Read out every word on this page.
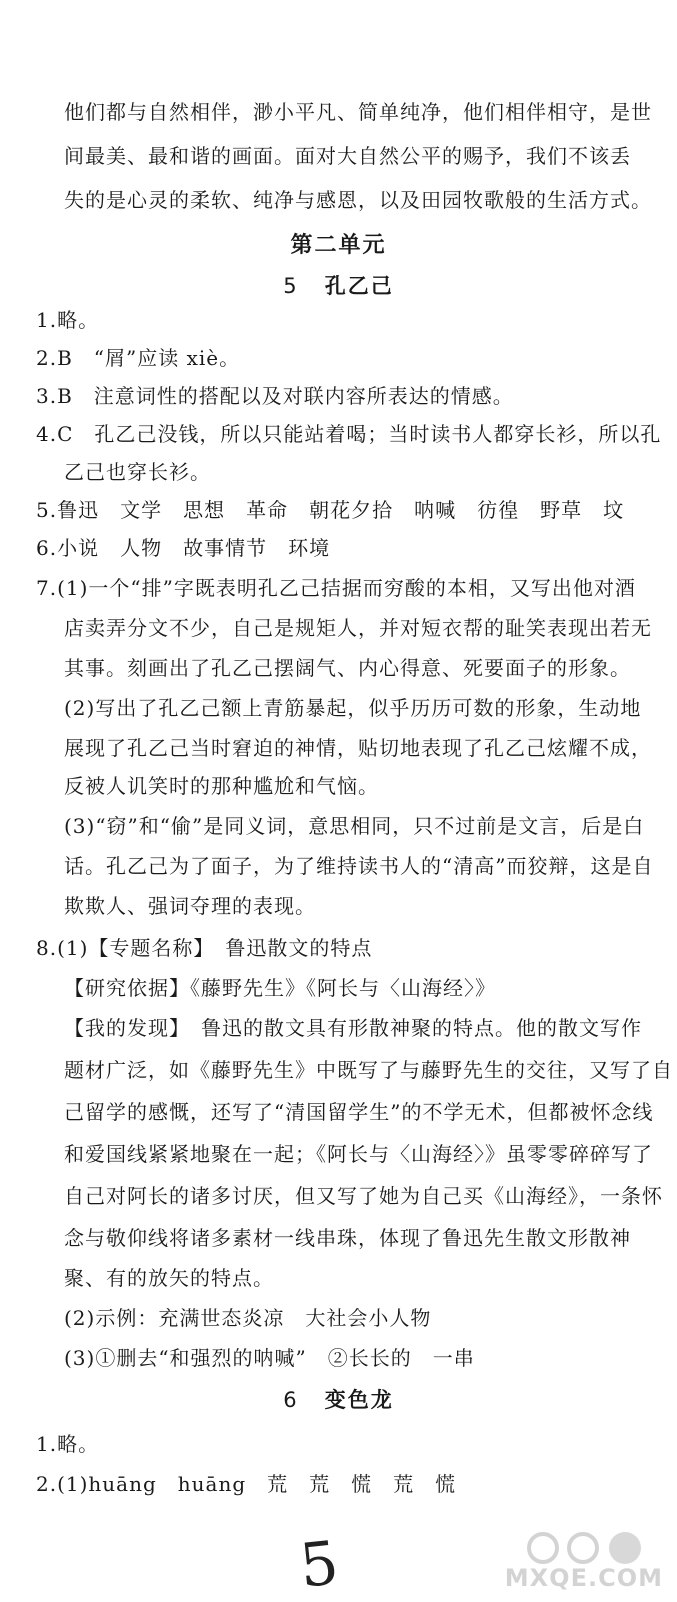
他们都与自然相伴，渺小平凡、简单纯净，他们相伴相守，是世
间最美、最和谐的画面。面对大自然公平的赐予，我们不该丢
失的是心灵的柔软、纯净与感恩，以及田园牧歌般的生活方式。
第二单元
5 孔乙己
1.略。
2.B　“屑”应读 xiè。
3.B　注意词性的搭配以及对联内容所表达的情感。
4.C　孔乙己没钱，所以只能站着喝；当时读书人都穿长衫，所以孔
乙己也穿长衫。
5.鲁迅　文学　思想　革命　朝花夕拾　呐喊　彷徨　野草　坟
6.小说　人物　故事情节　环境
7.(1)一个“排”字既表明孔乙己拮据而穷酸的本相，又写出他对酒
店卖弄分文不少，自己是规矩人，并对短衣帮的耻笑表现出若无
其事。刻画出了孔乙己摆阔气、内心得意、死要面子的形象。
(2)写出了孔乙己额上青筋暴起，似乎历历可数的形象，生动地
展现了孔乙己当时窘迫的神情，贴切地表现了孔乙己炫耀不成，
反被人讥笑时的那种尴尬和气恼。
(3)“窃”和“偷”是同义词，意思相同，只不过前是文言，后是白
话。孔乙己为了面子，为了维持读书人的“清高”而狡辩，这是自
欺欺人、强词夺理的表现。
8.(1)【专题名称】　鲁迅散文的特点
【研究依据】《藤野先生》《阿长与〈山海经〉》
【我的发现】　鲁迅的散文具有形散神聚的特点。他的散文写作
题材广泛，如《藤野先生》中既写了与藤野先生的交往，又写了自
己留学的感慨，还写了“清国留学生”的不学无术，但都被怀念线
和爱国线紧紧地聚在一起；《阿长与〈山海经〉》虽零零碎碎写了
自己对阿长的诸多讨厌，但又写了她为自己买《山海经》，一条怀
念与敬仰线将诸多素材一线串珠，体现了鲁迅先生散文形散神
聚、有的放矢的特点。
(2)示例：充满世态炎凉　大社会小人物
(3)①删去“和强烈的呐喊”　②长长的　一串
6 变色龙
1.略。
2.(1)huāng　huāng　荒　荒　慌　荒　慌
5	MXQE.COM
